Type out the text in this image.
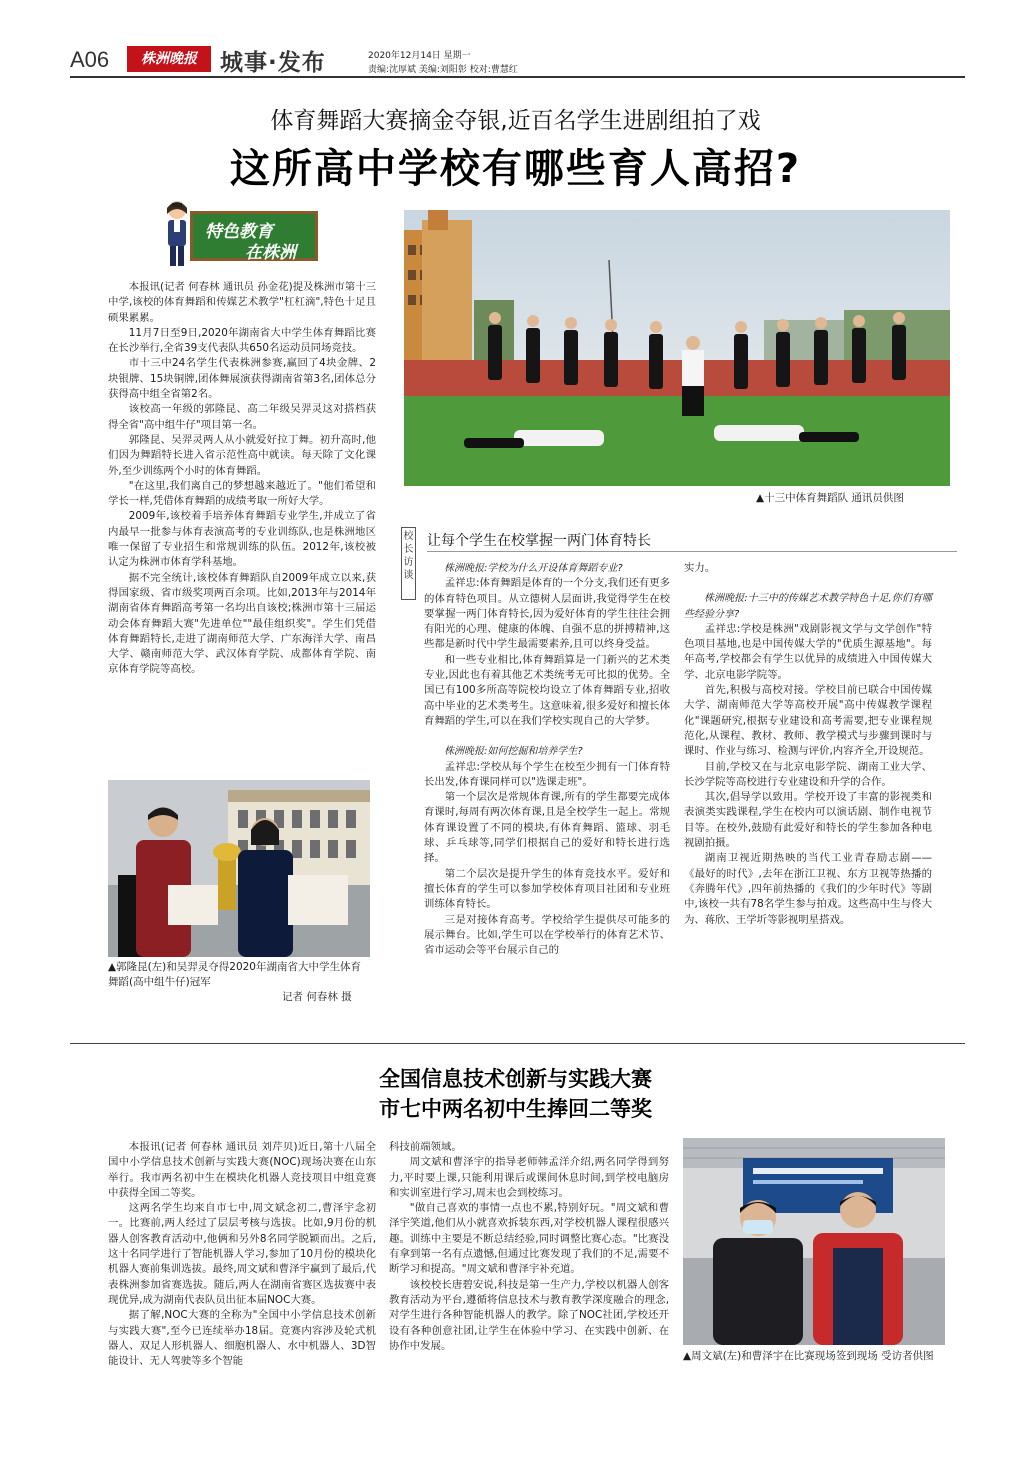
A06	株洲晚报	城事·发布	2020年12月14日 星期一
责编:沈厚斌 美编:刘阳彰 校对:曹慧红
体育舞蹈大赛摘金夺银,近百名学生进剧组拍了戏
这所高中学校有哪些育人高招?
特色教育
在株洲

本报讯(记者 何春林 通讯员 孙金花)提及株洲市第十三中学,该校的体育舞蹈和传媒艺术教学"杠杠滴",特色十足且硕果累累。

11月7日至9日,2020年湖南省大中学生体育舞蹈比赛在长沙举行,全省39支代表队共650名运动员同场竞技。

市十三中24名学生代表株洲参赛,赢回了4块金牌、2块银牌、15块铜牌,团体舞展演获得湖南省第3名,团体总分获得高中组全省第2名。

该校高一年级的郭隆昆、高二年级吴羿灵这对搭档获得全省"高中组牛仔"项目第一名。

郭隆昆、吴羿灵两人从小就爱好拉丁舞。初升高时,他们因为舞蹈特长进入省示范性高中就读。每天除了文化课外,至少训练两个小时的体育舞蹈。

"在这里,我们离自己的梦想越来越近了。"他们希望和学长一样,凭借体育舞蹈的成绩考取一所好大学。

2009年,该校着手培养体育舞蹈专业学生,并成立了省内最早一批参与体育表演高考的专业训练队,也是株洲地区唯一保留了专业招生和常规训练的队伍。2012年,该校被认定为株洲市体育学科基地。

据不完全统计,该校体育舞蹈队自2009年成立以来,获得国家级、省市级奖项两百余项。比如,2013年与2014年湖南省体育舞蹈高考第一名均出自该校;株洲市第十三届运动会体育舞蹈大赛"先进单位""最佳组织奖"。学生们凭借体育舞蹈特长,走进了湖南师范大学、广东海洋大学、南昌大学、赣南师范大学、武汉体育学院、成都体育学院、南京体育学院等高校。

▲十三中体育舞蹈队 通讯员供图
校长访谈
让每个学生在校掌握一两门体育特长

株洲晚报:学校为什么开设体育舞蹈专业?

孟祥忠:体育舞蹈是体育的一个分支,我们还有更多的体育特色项目。从立德树人层面讲,我觉得学生在校要掌握一两门体育特长,因为爱好体育的学生往往会拥有阳光的心理、健康的体魄、自强不息的拼搏精神,这些都是新时代中学生最需要素养,且可以终身受益。

和一些专业相比,体育舞蹈算是一门新兴的艺术类专业,因此也有着其他艺术类统考无可比拟的优势。全国已有100多所高等院校均设立了体育舞蹈专业,招收高中毕业的艺术类考生。这意味着,很多爱好和擅长体育舞蹈的学生,可以在我们学校实现自己的大学梦。

株洲晚报:如何挖掘和培养学生?

孟祥忠:学校从每个学生在校至少拥有一门体育特长出发,体育课同样可以"选课走班"。

第一个层次是常规体育课,所有的学生都要完成体育课时,每周有两次体育课,且是全校学生一起上。常规体育课设置了不同的模块,有体育舞蹈、篮球、羽毛球、乒乓球等,同学们根据自己的爱好和特长进行选择。

第二个层次是提升学生的体育竞技水平。爱好和擅长体育的学生可以参加学校体育项目社团和专业班训练体育特长。

三是对接体育高考。学校给学生提供尽可能多的展示舞台。比如,学生可以在学校举行的体育艺术节、省市运动会等平台展示自己的

实力。

株洲晚报:十三中的传媒艺术教学特色十足,你们有哪些经验分享?

孟祥忠:学校是株洲"戏剧影视文学与文学创作"特色项目基地,也是中国传媒大学的"优质生源基地"。每年高考,学校都会有学生以优异的成绩进入中国传媒大学、北京电影学院等。

首先,积极与高校对接。学校目前已联合中国传媒大学、湖南师范大学等高校开展"高中传媒教学课程化"课题研究,根据专业建设和高考需要,把专业课程规范化,从课程、教材、教师、教学模式与步骤到课时与课时、作业与练习、检测与评价,内容齐全,开设规范。

目前,学校又在与北京电影学院、湖南工业大学、长沙学院等高校进行专业建设和升学的合作。

其次,倡导学以致用。学校开设了丰富的影视类和表演类实践课程,学生在校内可以演话剧、制作电视节目等。在校外,鼓励有此爱好和特长的学生参加各种电视剧拍摄。

湖南卫视近期热映的当代工业青春励志剧——《最好的时代》,去年在浙江卫视、东方卫视等热播的《奔腾年代》,四年前热播的《我们的少年时代》等剧中,该校一共有78名学生参与拍戏。这些高中生与佟大为、蒋欣、王学圻等影视明星搭戏。

▲郭隆昆(左)和吴羿灵夺得2020年湖南省大中学生体育舞蹈(高中组牛仔)冠军
记者 何春林 摄
全国信息技术创新与实践大赛
市七中两名初中生捧回二等奖

本报讯(记者 何春林 通讯员 刘芹贝)近日,第十八届全国中小学信息技术创新与实践大赛(NOC)现场决赛在山东举行。我市两名初中生在模块化机器人竞技项目中组竞赛中获得全国二等奖。

这两名学生均来自市七中,周文斌念初二,曹泽宇念初一。比赛前,两人经过了层层考核与选拔。比如,9月份的机器人创客教育活动中,他俩和另外8名同学脱颖而出。之后,这十名同学进行了智能机器人学习,参加了10月份的模块化机器人赛前集训选拔。最终,周文斌和曹泽宇赢到了最后,代表株洲参加省赛选拔。随后,两人在湖南省赛区选拔赛中表现优异,成为湖南代表队员出征本届NOC大赛。

据了解,NOC大赛的全称为"全国中小学信息技术创新与实践大赛",至今已连续举办18届。竞赛内容涉及轮式机器人、双足人形机器人、细胞机器人、水中机器人、3D智能设计、无人驾驶等多个智能

科技前端领域。

周文斌和曹泽宇的指导老师韩孟洋介绍,两名同学得到努力,平时要上课,只能利用课后或课间休息时间,到学校电脑房和实训室进行学习,周末也会到校练习。

"做自己喜欢的事情一点也不累,特别好玩。"周文斌和曹泽宇笑道,他们从小就喜欢拆装东西,对学校机器人课程很感兴趣。训练中主要是不断总结经验,同时调整比赛心态。"比赛没有拿到第一名有点遗憾,但通过比赛发现了我们的不足,需要不断学习和提高。"周文斌和曹泽宇补充道。

该校校长唐碧安说,科技是第一生产力,学校以机器人创客教育活动为平台,遵循将信息技术与教育教学深度融合的理念,对学生进行各种智能机器人的教学。除了NOC社团,学校还开设有各种创意社团,让学生在体验中学习、在实践中创新、在协作中发展。

▲周文斌(左)和曹泽宇在比赛现场签到现场 受访者供图
